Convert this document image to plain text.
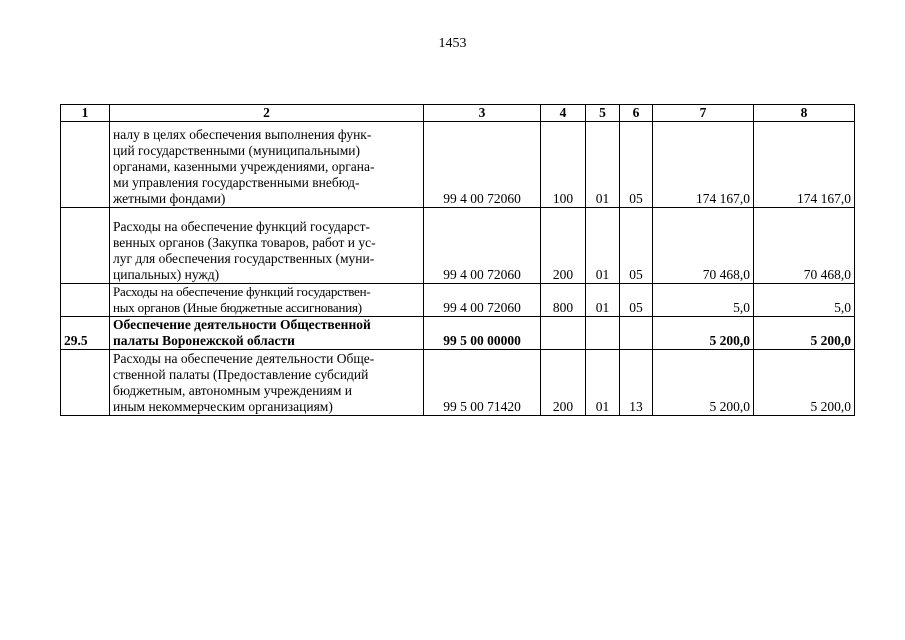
1453
1	2	3	4	5	6	7	8
	налу в целях обеспечения выполнения функ-
ций государственными (муниципальными)
органами, казенными учреждениями, органа-
ми управления государственными внебюд-
жетными фондами)	99 4 00 72060	100	01	05	174 167,0	174 167,0
	Расходы на обеспечение функций государст-
венных органов (Закупка товаров, работ и ус-
луг для обеспечения государственных (муни-
ципальных) нужд)	99 4 00 72060	200	01	05	70 468,0	70 468,0
	Расходы на обеспечение функций государствен-
ных органов (Иные бюджетные ассигнования)	99 4 00 72060	800	01	05	5,0	5,0
29.5	Обеспечение деятельности Общественной
палаты Воронежской области	99 5 00 00000				5 200,0	5 200,0
	Расходы на обеспечение деятельности Обще-
ственной палаты (Предоставление субсидий
бюджетным, автономным учреждениям и
иным некоммерческим организациям)	99 5 00 71420	200	01	13	5 200,0	5 200,0
